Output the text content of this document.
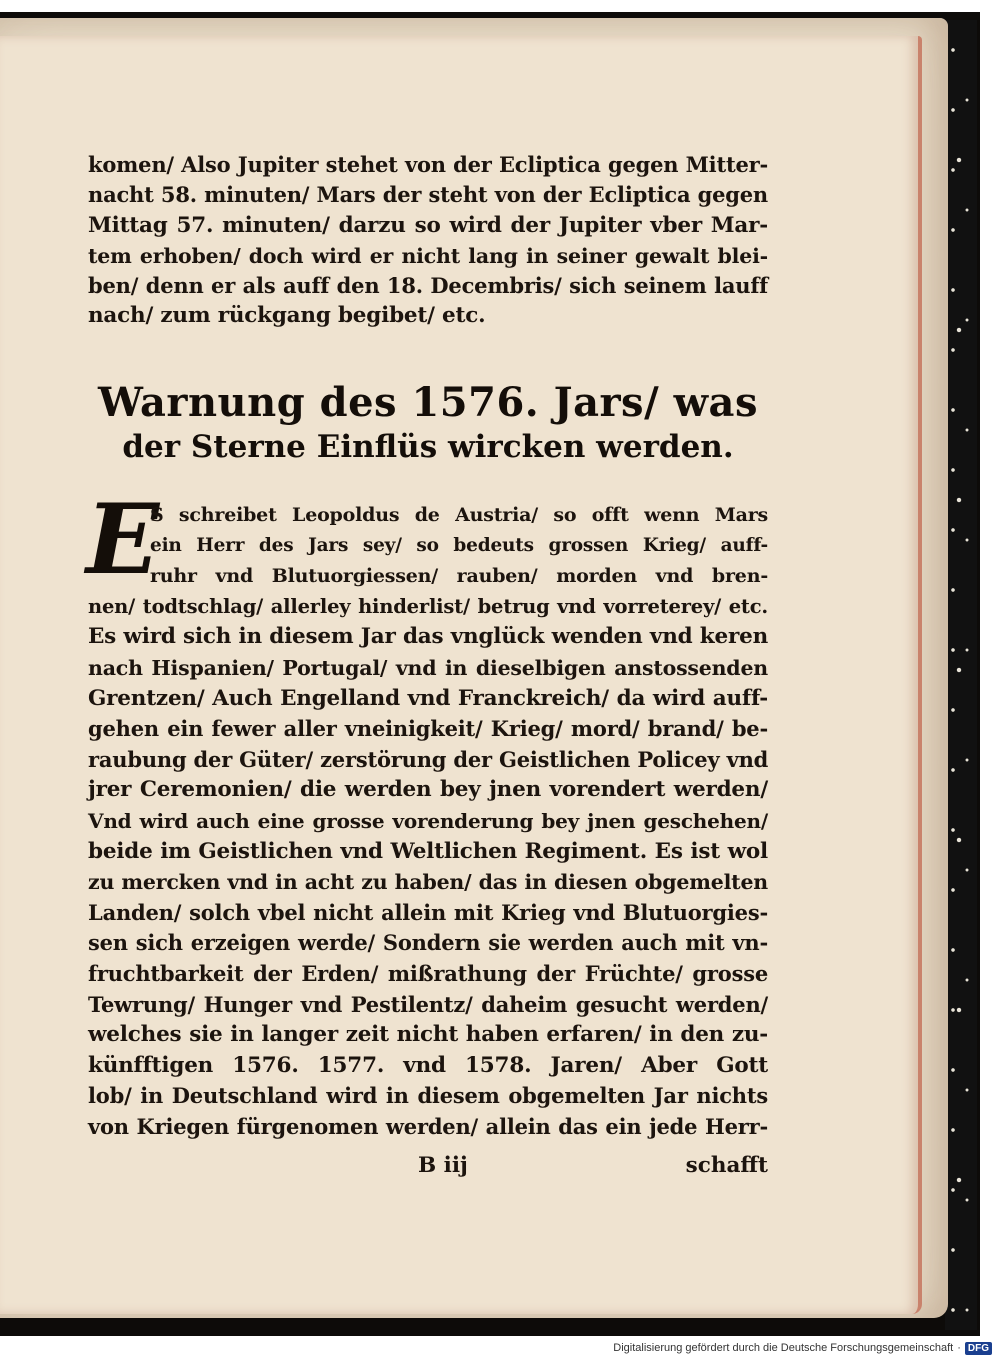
komen/ Also Jupiter stehet von der Ecliptica gegen Mitter-
nacht 58. minuten/ Mars der steht von der Ecliptica gegen
Mittag 57. minuten/ darzu so wird der Jupiter vber Mar-
tem erhoben/ doch wird er nicht lang in seiner gewalt blei-
ben/ denn er als auff den 18. Decembris/ sich seinem lauff
nach/ zum rückgang begibet/ etc.
Warnung des 1576. Jars/ was
der Sterne Einflüs wircken werden.
E
S schreibet Leopoldus de Austria/ so offt wenn Mars
ein Herr des Jars sey/ so bedeuts grossen Krieg/ auff-
ruhr vnd Blutuorgiessen/ rauben/ morden vnd bren-
nen/ todtschlag/ allerley hinderlist/ betrug vnd vorreterey/ etc.
Es wird sich in diesem Jar das vnglück wenden vnd keren
nach Hispanien/ Portugal/ vnd in dieselbigen anstossenden
Grentzen/ Auch Engelland vnd Franckreich/ da wird auff-
gehen ein fewer aller vneinigkeit/ Krieg/ mord/ brand/ be-
raubung der Güter/ zerstörung der Geistlichen Policey vnd
jrer Ceremonien/ die werden bey jnen vorendert werden/
Vnd wird auch eine grosse vorenderung bey jnen geschehen/
beide im Geistlichen vnd Weltlichen Regiment. Es ist wol
zu mercken vnd in acht zu haben/ das in diesen obgemelten
Landen/ solch vbel nicht allein mit Krieg vnd Blutuorgies-
sen sich erzeigen werde/ Sondern sie werden auch mit vn-
fruchtbarkeit der Erden/ mißrathung der Früchte/ grosse
Tewrung/ Hunger vnd Pestilentz/ daheim gesucht werden/
welches sie in langer zeit nicht haben erfaren/ in den zu-
künfftigen 1576. 1577. vnd 1578. Jaren/ Aber Gott
lob/ in Deutschland wird in diesem obgemelten Jar nichts
von Kriegen fürgenomen werden/ allein das ein jede Herr-
B iij	schafft
Digitalisierung gefördert durch die Deutsche Forschungsgemeinschaft · DFG
